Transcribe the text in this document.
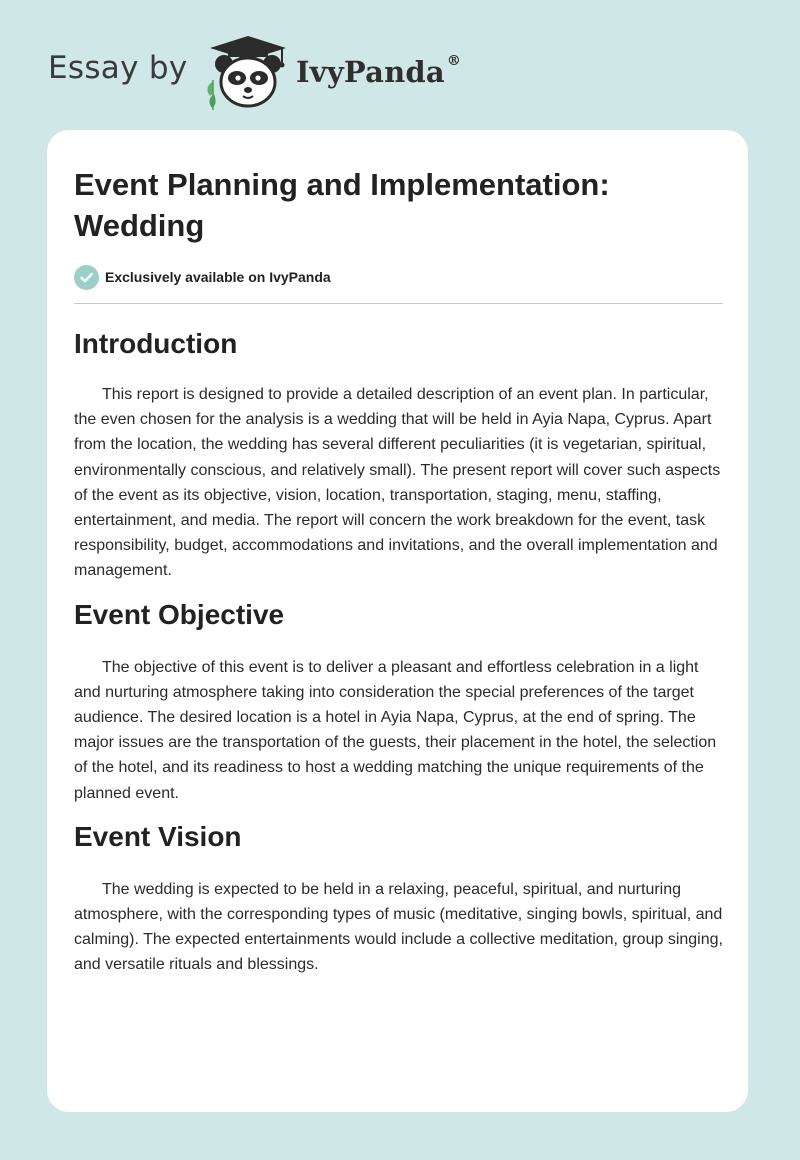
Essay by	IvyPanda ®
Event Planning and Implementation: Wedding
Exclusively available on IvyPanda
Introduction

This report is designed to provide a detailed description of an event plan. In particular, the even chosen for the analysis is a wedding that will be held in Ayia Napa, Cyprus. Apart from the location, the wedding has several different peculiarities (it is vegetarian, spiritual, environmentally conscious, and relatively small). The present report will cover such aspects of the event as its objective, vision, location, transportation, staging, menu, staffing, entertainment, and media. The report will concern the work breakdown for the event, task responsibility, budget, accommodations and invitations, and the overall implementation and management.

Event Objective

The objective of this event is to deliver a pleasant and effortless celebration in a light and nurturing atmosphere taking into consideration the special preferences of the target audience. The desired location is a hotel in Ayia Napa, Cyprus, at the end of spring. The major issues are the transportation of the guests, their placement in the hotel, the selection of the hotel, and its readiness to host a wedding matching the unique requirements of the planned event.

Event Vision

The wedding is expected to be held in a relaxing, peaceful, spiritual, and nurturing atmosphere, with the corresponding types of music (meditative, singing bowls, spiritual, and calming). The expected entertainments would include a collective meditation, group singing, and versatile rituals and blessings.
